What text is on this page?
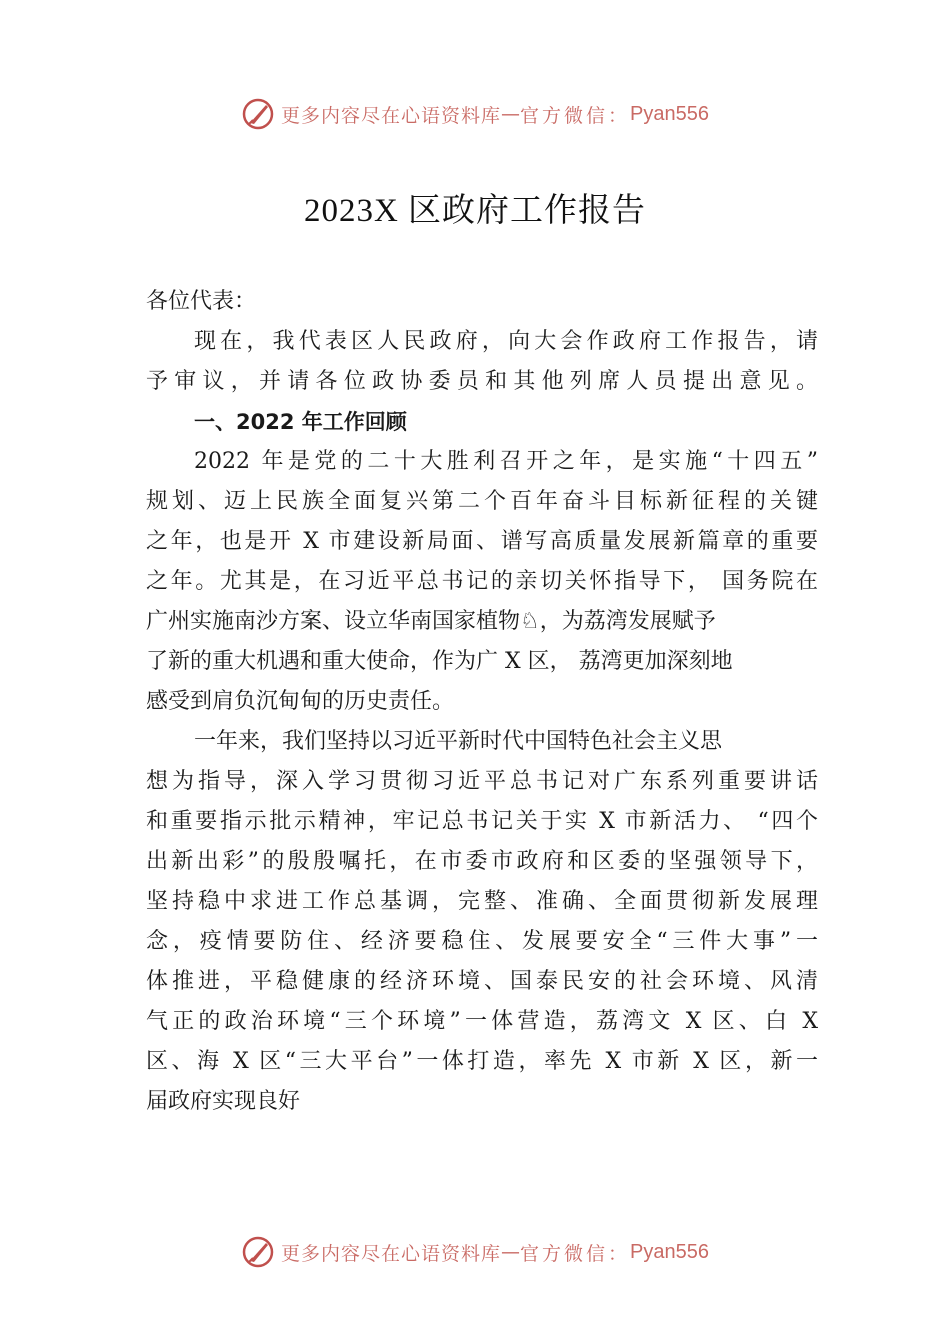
更多内容尽在心语资料库 — 官方微信： Pyan556
2023X 区政府工作报告
各位代表：
现在，我代表区人民政府，向大会作政府工作报告，请
予审议，并请各位政协委员和其他列席人员提出意见。
一、2022 年工作回顾
2022 年是党的二十大胜利召开之年，是实施“十四五”
规划、迈上民族全面复兴第二个百年奋斗目标新征程的关键
之年，也是开 X 市建设新局面、谱写高质量发展新篇章的重要
之年。尤其是，在习近平总书记的亲切关怀指导下， 国务院在
广州实施南沙方案、设立华南国家植物♘，为荔湾发展赋予
了新的重大机遇和重大使命，作为广 X 区， 荔湾更加深刻地
感受到肩负沉甸甸的历史责任。
一年来，我们坚持以习近平新时代中国特色社会主义思
想为指导，深入学习贯彻习近平总书记对广东系列重要讲话
和重要指示批示精神，牢记总书记关于实 X 市新活力、 “四个
出新出彩”的殷殷嘱托，在市委市政府和区委的坚强领导下，
坚持稳中求进工作总基调，完整、准确、全面贯彻新发展理
念，疫情要防住、经济要稳住、发展要安全“三件大事”一
体推进，平稳健康的经济环境、国泰民安的社会环境、风清
气正的政治环境“三个环境”一体营造，荔湾文 X 区、白 X
区、海 X 区“三大平台”一体打造，率先 X 市新 X 区，新一
届政府实现良好
更多内容尽在心语资料库 — 官方微信： Pyan556
